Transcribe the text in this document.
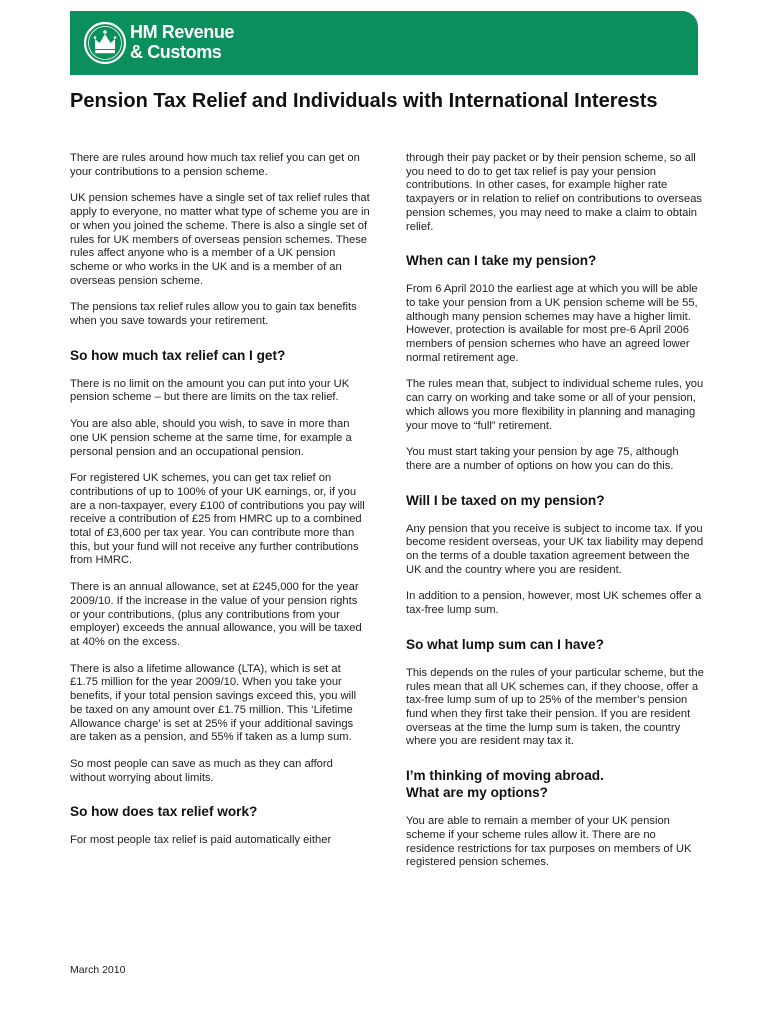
HM Revenue
& Customs
Pension Tax Relief and Individuals with International Interests

There are rules around how much tax relief you can get on your contributions to a pension scheme.

UK pension schemes have a single set of tax relief rules that apply to everyone, no matter what type of scheme you are in or when you joined the scheme. There is also a single set of rules for UK members of overseas pension schemes. These rules affect anyone who is a member of a UK pension scheme or who works in the UK and is a member of an overseas pension scheme.

The pensions tax relief rules allow you to gain tax benefits when you save towards your retirement.

So how much tax relief can I get?

There is no limit on the amount you can put into your UK pension scheme – but there are limits on the tax relief.

You are also able, should you wish, to save in more than one UK pension scheme at the same time, for example a personal pension and an occupational pension.

For registered UK schemes, you can get tax relief on contributions of up to 100% of your UK earnings, or, if you are a non-taxpayer, every £100 of contributions you pay will receive a contribution of £25 from HMRC up to a combined total of £3,600 per tax year. You can contribute more than this, but your fund will not receive any further contributions from HMRC.

There is an annual allowance, set at £245,000 for the year 2009/10. If the increase in the value of your pension rights or your contributions, (plus any contributions from your employer) exceeds the annual allowance, you will be taxed at 40% on the excess.

There is also a lifetime allowance (LTA), which is set at £1.75 million for the year 2009/10. When you take your benefits, if your total pension savings exceed this, you will be taxed on any amount over £1.75 million. This ‘Lifetime Allowance charge’ is set at 25% if your additional savings are taken as a pension, and 55% if taken as a lump sum.

So most people can save as much as they can afford without worrying about limits.

So how does tax relief work?

For most people tax relief is paid automatically either

through their pay packet or by their pension scheme, so all you need to do to get tax relief is pay your pension contributions. In other cases, for example higher rate taxpayers or in relation to relief on contributions to overseas pension schemes, you may need to make a claim to obtain relief.

When can I take my pension?

From 6 April 2010 the earliest age at which you will be able to take your pension from a UK pension scheme will be 55, although many pension schemes may have a higher limit. However, protection is available for most pre-6 April 2006 members of pension schemes who have an agreed lower normal retirement age.

The rules mean that, subject to individual scheme rules, you can carry on working and take some or all of your pension, which allows you more flexibility in planning and managing your move to “full” retirement.

You must start taking your pension by age 75, although there are a number of options on how you can do this.

Will I be taxed on my pension?

Any pension that you receive is subject to income tax. If you become resident overseas, your UK tax liability may depend on the terms of a double taxation agreement between the UK and the country where you are resident.

In addition to a pension, however, most UK schemes offer a tax-free lump sum.

So what lump sum can I have?

This depends on the rules of your particular scheme, but the rules mean that all UK schemes can, if they choose, offer a tax-free lump sum of up to 25% of the member’s pension fund when they first take their pension. If you are resident overseas at the time the lump sum is taken, the country where you are resident may tax it.

I’m thinking of moving abroad.
What are my options?

You are able to remain a member of your UK pension scheme if your scheme rules allow it. There are no residence restrictions for tax purposes on members of UK registered pension schemes.

March 2010
